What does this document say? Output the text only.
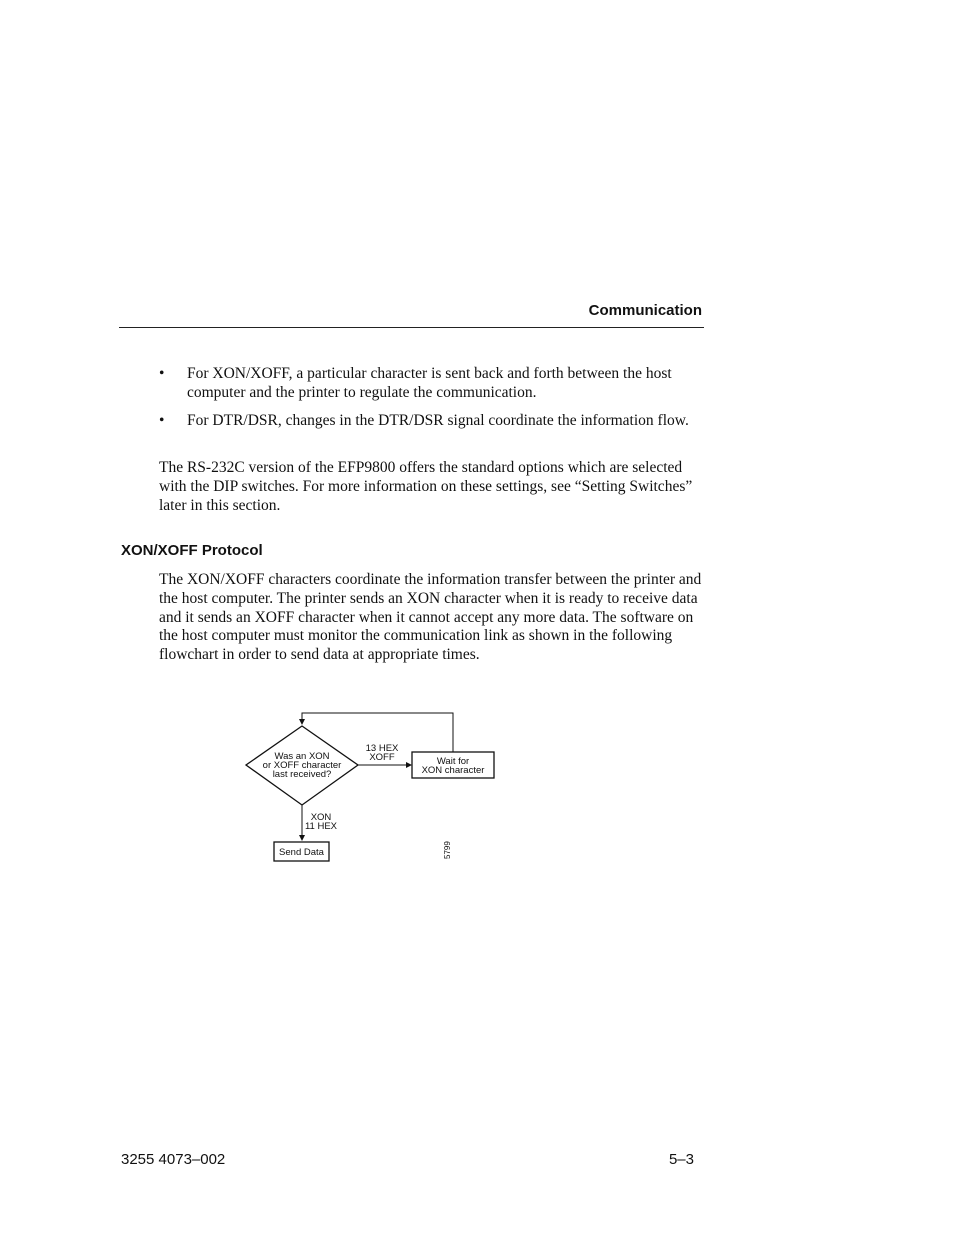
Communication
• For XON/XOFF, a particular character is sent back and forth between the host computer and the printer to regulate the communication.
• For DTR/DSR, changes in the DTR/DSR signal coordinate the information flow.

The RS-232C version of the EFP9800 offers the standard options which are selected with the DIP switches. For more information on these settings, see “Setting Switches” later in this section.

XON/XOFF Protocol

The XON/XOFF characters coordinate the information transfer between the printer and the host computer. The printer sends an XON character when it is ready to receive data and it sends an XOFF character when it cannot accept any more data. The software on the host computer must monitor the communication link as shown in the following flowchart in order to send data at appropriate times.

Was an XON
or XOFF character
last received?
13 HEX
XOFF	Wait for
XON character
XON
11 HEX
Send Data	5799
3255 4073–002	5–3
